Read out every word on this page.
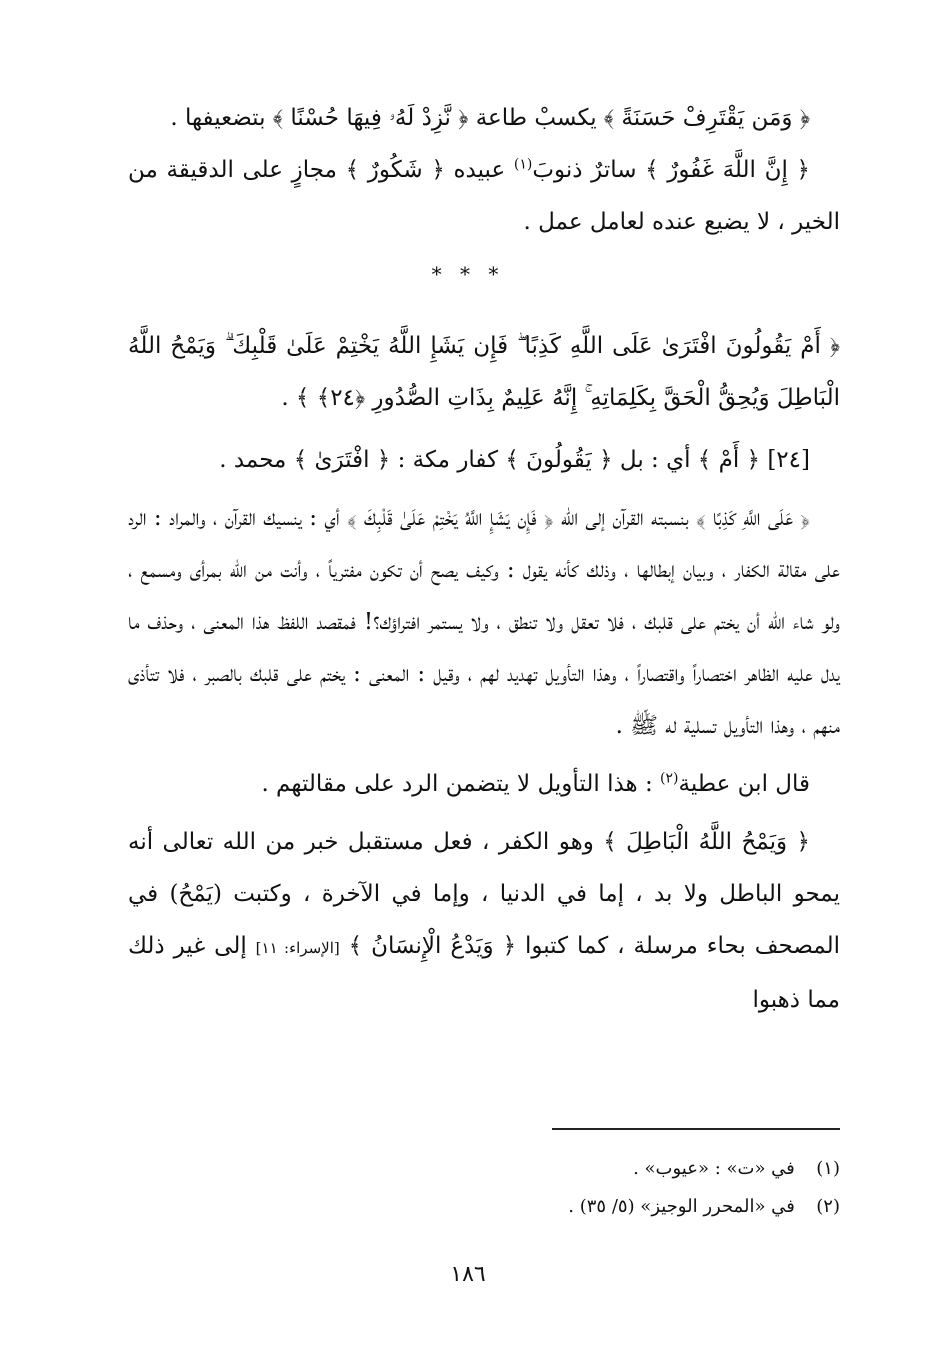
﴿ وَمَن يَقْتَرِفْ حَسَنَةً ﴾ يكسبْ طاعة ﴿ نَّزِدْ لَهُۥ فِيهَا حُسْنًا ﴾ بتضعيفها .

﴿ إِنَّ اللَّهَ غَفُورٌ ﴾ ساترٌ ذنوبَ$^{(١)}$ عبيده ﴿ شَكُورٌ ﴾ مجازٍ على الدقيقة من الخير ، لا يضيع عنده لعامل عمل .

* * *

﴿ أَمْ يَقُولُونَ افْتَرَىٰ عَلَى اللَّهِ كَذِبًا ۖ فَإِن يَشَإِ اللَّهُ يَخْتِمْ عَلَىٰ قَلْبِكَ ۗ وَيَمْحُ اللَّهُ الْبَاطِلَ وَيُحِقُّ الْحَقَّ بِكَلِمَاتِهِ ۚ إِنَّهُ عَلِيمٌ بِذَاتِ الصُّدُورِ ﴿٢٤﴾ ﴾ .

[٢٤] ﴿ أَمْ ﴾ أي : بل ﴿ يَقُولُونَ ﴾ كفار مكة : ﴿ افْتَرَىٰ ﴾ محمد .

﴿ عَلَى اللَّهِ كَذِبًا ﴾ بنسبته القرآن إلى الله ﴿ فَإِن يَشَإِ اللَّهُ يَخْتِمْ عَلَىٰ قَلْبِكَ ﴾ أي : ينسيك القرآن ، والمراد : الرد على مقالة الكفار ، وبيان إبطالها ، وذلك كأنه يقول : وكيف يصح أن تكون مفترياً ، وأنت من الله بمرأى ومسمع ، ولو شاء الله أن يختم على قلبك ، فلا تعقل ولا تنطق ، ولا يستمر افتراؤك؟! فمقصد اللفظ هذا المعنى ، وحذف ما يدل عليه الظاهر اختصاراً واقتصاراً ، وهذا التأويل تهديد لهم ، وقيل : المعنى : يختم على قلبك بالصبر ، فلا تتأذى منهم ، وهذا التأويل تسلية له ﷺ .

قال ابن عطية$^{(٢)}$ : هذا التأويل لا يتضمن الرد على مقالتهم .

﴿ وَيَمْحُ اللَّهُ الْبَاطِلَ ﴾ وهو الكفر ، فعل مستقبل خبر من الله تعالى أنه يمحو الباطل ولا بد ، إما في الدنيا ، وإما في الآخرة ، وكتبت (يَمْحُ) في المصحف بحاء مرسلة ، كما كتبوا ﴿ وَيَدْعُ الْإِنسَانُ ﴾ [الإسراء: ١١] إلى غير ذلك مما ذهبوا

(١)  في «ت» : «عيوب» .
(٢)  في «المحرر الوجيز» (٥/ ٣٥) .
١٨٦
